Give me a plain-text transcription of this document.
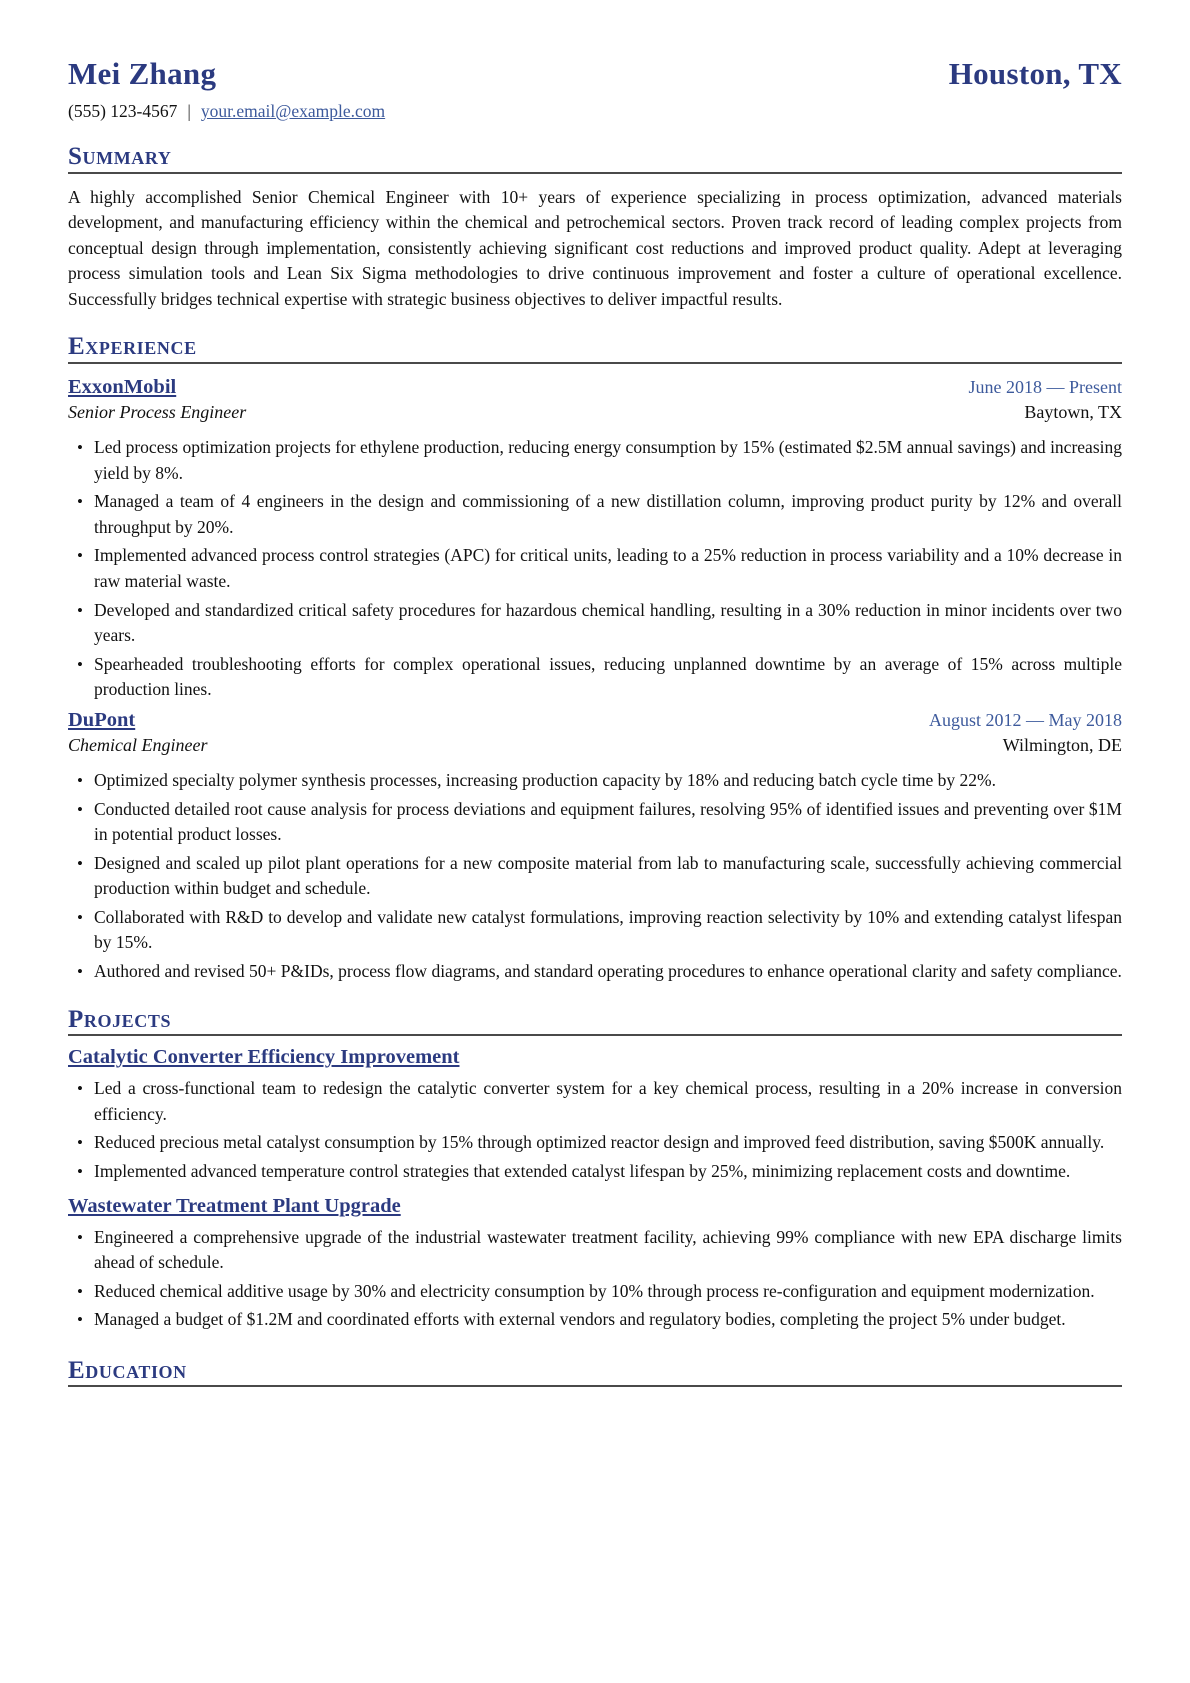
Mei Zhang	Houston, TX
(555) 123-4567 | your.email@example.com
Summary

A highly accomplished Senior Chemical Engineer with 10+ years of experience specializing in process optimization, advanced materials development, and manufacturing efficiency within the chemical and petrochemical sectors. Proven track record of leading complex projects from conceptual design through implementation, consistently achieving significant cost reductions and improved product quality. Adept at leveraging process simulation tools and Lean Six Sigma methodologies to drive continuous improvement and foster a culture of operational excellence. Successfully bridges technical expertise with strategic business objectives to deliver impactful results.

Experience
ExxonMobil	June 2018 — Present
Senior Process Engineer	Baytown, TX
• Led process optimization projects for ethylene production, reducing energy consumption by 15% (estimated $2.5M annual savings) and increasing yield by 8%.
• Managed a team of 4 engineers in the design and commissioning of a new distillation column, improving product purity by 12% and overall throughput by 20%.
• Implemented advanced process control strategies (APC) for critical units, leading to a 25% reduction in process variability and a 10% decrease in raw material waste.
• Developed and standardized critical safety procedures for hazardous chemical handling, resulting in a 30% reduction in minor incidents over two years.
• Spearheaded troubleshooting efforts for complex operational issues, reducing unplanned downtime by an average of 15% across multiple production lines.
DuPont	August 2012 — May 2018
Chemical Engineer	Wilmington, DE
• Optimized specialty polymer synthesis processes, increasing production capacity by 18% and reducing batch cycle time by 22%.
• Conducted detailed root cause analysis for process deviations and equipment failures, resolving 95% of identified issues and preventing over $1M in potential product losses.
• Designed and scaled up pilot plant operations for a new composite material from lab to manufacturing scale, successfully achieving commercial production within budget and schedule.
• Collaborated with R&D to develop and validate new catalyst formulations, improving reaction selectivity by 10% and extending catalyst lifespan by 15%.
• Authored and revised 50+ P&IDs, process flow diagrams, and standard operating procedures to enhance operational clarity and safety compliance.
Projects
Catalytic Converter Efficiency Improvement
• Led a cross-functional team to redesign the catalytic converter system for a key chemical process, resulting in a 20% increase in conversion efficiency.
• Reduced precious metal catalyst consumption by 15% through optimized reactor design and improved feed distribution, saving $500K annually.
• Implemented advanced temperature control strategies that extended catalyst lifespan by 25%, minimizing replacement costs and downtime.
Wastewater Treatment Plant Upgrade
• Engineered a comprehensive upgrade of the industrial wastewater treatment facility, achieving 99% compliance with new EPA discharge limits ahead of schedule.
• Reduced chemical additive usage by 30% and electricity consumption by 10% through process re-configuration and equipment modernization.
• Managed a budget of $1.2M and coordinated efforts with external vendors and regulatory bodies, completing the project 5% under budget.
Education
